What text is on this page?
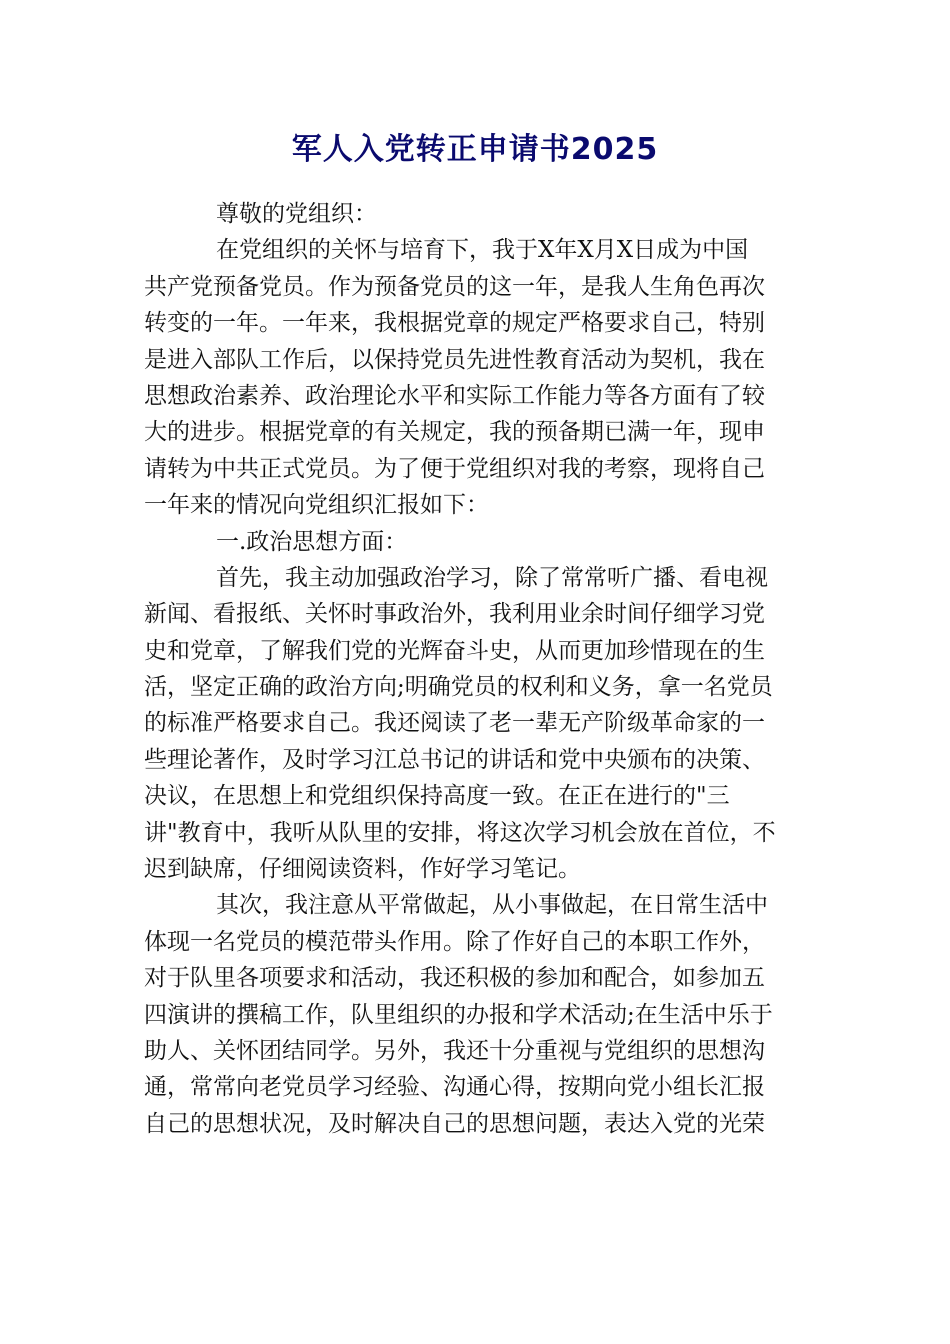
军人入党转正申请书2025
尊敬的党组织：
在党组织的关怀与培育下，我于X年X月X日成为中国
共产党预备党员。作为预备党员的这一年，是我人生角色再次
转变的一年。一年来，我根据党章的规定严格要求自己，特别
是进入部队工作后，以保持党员先进性教育活动为契机，我在
思想政治素养、政治理论水平和实际工作能力等各方面有了较
大的进步。根据党章的有关规定，我的预备期已满一年，现申
请转为中共正式党员。为了便于党组织对我的考察，现将自己
一年来的情况向党组织汇报如下：
一.政治思想方面：
首先，我主动加强政治学习，除了常常听广播、看电视
新闻、看报纸、关怀时事政治外，我利用业余时间仔细学习党
史和党章，了解我们党的光辉奋斗史，从而更加珍惜现在的生
活，坚定正确的政治方向;明确党员的权利和义务，拿一名党员
的标准严格要求自己。我还阅读了老一辈无产阶级革命家的一
些理论著作，及时学习江总书记的讲话和党中央颁布的决策、
决议，在思想上和党组织保持高度一致。在正在进行的"三
讲"教育中，我听从队里的安排，将这次学习机会放在首位，不
迟到缺席，仔细阅读资料，作好学习笔记。
其次，我注意从平常做起，从小事做起，在日常生活中
体现一名党员的模范带头作用。除了作好自己的本职工作外，
对于队里各项要求和活动，我还积极的参加和配合，如参加五
四演讲的撰稿工作，队里组织的办报和学术活动;在生活中乐于
助人、关怀团结同学。另外，我还十分重视与党组织的思想沟
通，常常向老党员学习经验、沟通心得，按期向党小组长汇报
自己的思想状况，及时解决自己的思想问题，表达入党的光荣
